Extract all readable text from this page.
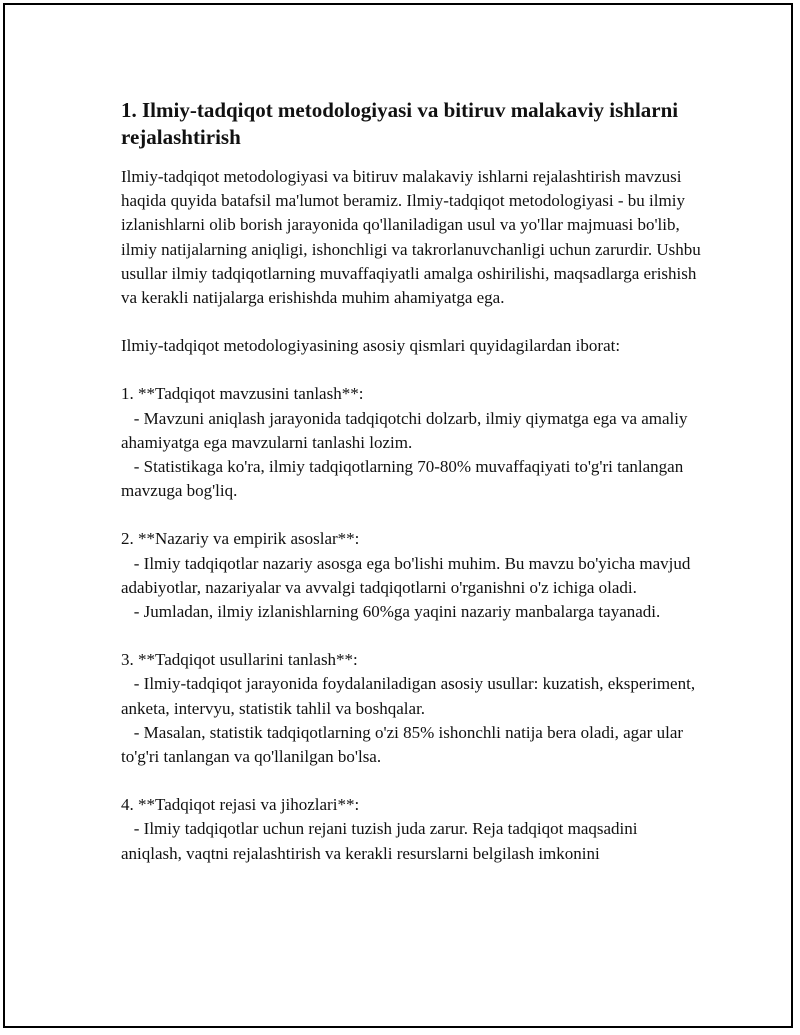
1. Ilmiy-tadqiqot metodologiyasi va bitiruv malakaviy ishlarni rejalashtirish

Ilmiy-tadqiqot metodologiyasi va bitiruv malakaviy ishlarni rejalashtirish mavzusi haqida quyida batafsil ma'lumot beramiz. Ilmiy-tadqiqot metodologiyasi - bu ilmiy izlanishlarni olib borish jarayonida qo'llaniladigan usul va yo'llar majmuasi bo'lib, ilmiy natijalarning aniqligi, ishonchligi va takrorlanuvchanligi uchun zarurdir. Ushbu usullar ilmiy tadqiqotlarning muvaffaqiyatli amalga oshirilishi, maqsadlarga erishish va kerakli natijalarga erishishda muhim ahamiyatga ega.

Ilmiy-tadqiqot metodologiyasining asosiy qismlari quyidagilardan iborat:

1. **Tadqiqot mavzusini tanlash**:

- Mavzuni aniqlash jarayonida tadqiqotchi dolzarb, ilmiy qiymatga ega va amaliy ahamiyatga ega mavzularni tanlashi lozim.

- Statistikaga ko'ra, ilmiy tadqiqotlarning 70-80% muvaffaqiyati to'g'ri tanlangan mavzuga bog'liq.

2. **Nazariy va empirik asoslar**:

- Ilmiy tadqiqotlar nazariy asosga ega bo'lishi muhim. Bu mavzu bo'yicha mavjud adabiyotlar, nazariyalar va avvalgi tadqiqotlarni o'rganishni o'z ichiga oladi.

- Jumladan, ilmiy izlanishlarning 60%ga yaqini nazariy manbalarga tayanadi.

3. **Tadqiqot usullarini tanlash**:

- Ilmiy-tadqiqot jarayonida foydalaniladigan asosiy usullar: kuzatish, eksperiment, anketa, intervyu, statistik tahlil va boshqalar.

- Masalan, statistik tadqiqotlarning o'zi 85% ishonchli natija bera oladi, agar ular to'g'ri tanlangan va qo'llanilgan bo'lsa.

4. **Tadqiqot rejasi va jihozlari**:

- Ilmiy tadqiqotlar uchun rejani tuzish juda zarur. Reja tadqiqot maqsadini aniqlash, vaqtni rejalashtirish va kerakli resurslarni belgilash imkonini
